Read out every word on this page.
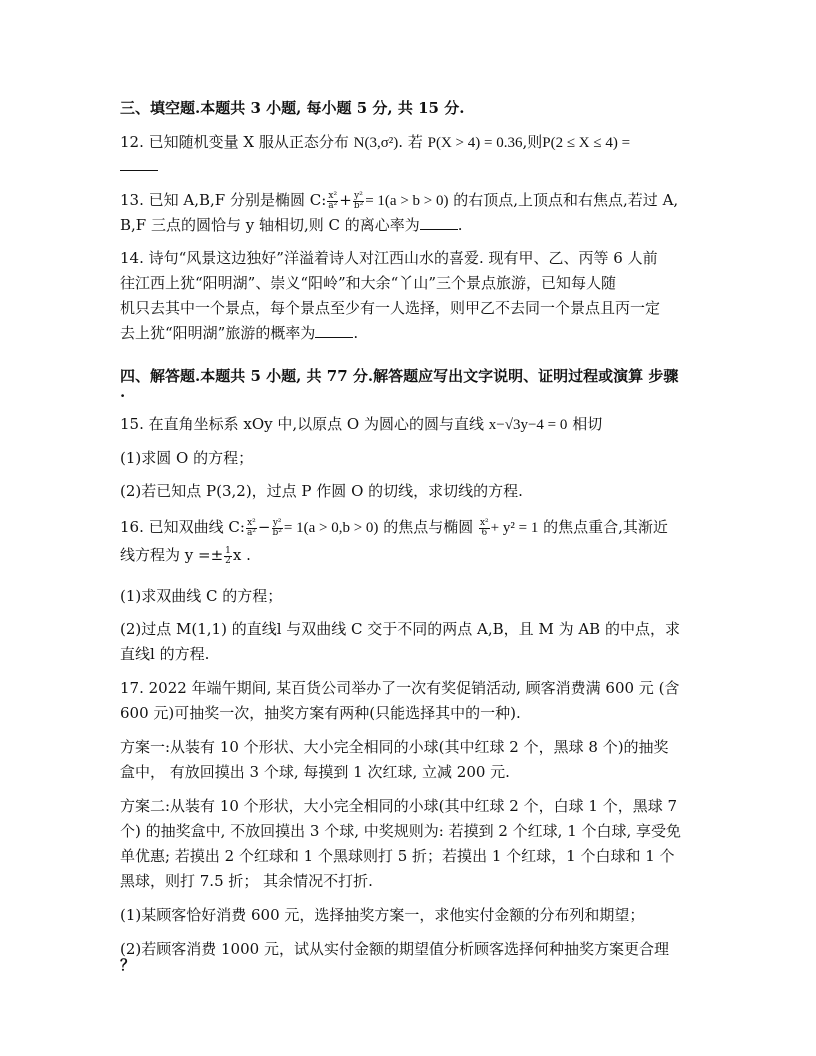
三、填空题.本题共 3 小题, 每小题 5 分, 共 15 分.
12. 已知随机变量 X 服从正态分布 N(3,σ²). 若 P(X > 4) = 0.36,则P(2 ≤ X ≤ 4) =
13. 已知 A,B,F 分别是椭圆 C: $\frac{\text{x²}}{\text{a²}} + \frac{\text{y²}}{\text{b²}} = 1(a > b > 0)$ 的右顶点,上顶点和右焦点,若过 A,
B,F 三点的圆恰与 y 轴相切,则 C 的离心率为	.
14. 诗句“风景这边独好”洋溢着诗人对江西山水的喜爱. 现有甲、乙、丙等 6 人前
往江西上犹“阳明湖”、崇义“阳岭”和大余“丫山”三个景点旅游，已知每人随
机只去其中一个景点，每个景点至少有一人选择，则甲乙不去同一个景点且丙一定
去上犹“阳明湖”旅游的概率为	.
四、解答题.本题共 5 小题, 共 77 分.解答题应写出文字说明、证明过程或演算 步骤
.
15. 在直角坐标系 xOy 中,以原点 O 为圆心的圆与直线 x−√3y−4 = 0 相切
(1)求圆 O 的方程；
(2)若已知点 P(3,2)，过点 P 作圆 O 的切线，求切线的方程.
16. 已知双曲线 C: $\frac{\text{x²}}{\text{a²}} - \frac{\text{y²}}{\text{b²}} = 1(a > 0,b > 0)$ 的焦点与椭圆 $\frac{\text{x²}}{6} + y^2 = 1$ 的焦点重合,其渐近
线方程为 $y =\pm \frac{1}{2}$ x .
(1)求双曲线 C 的方程；
(2)过点 M(1,1) 的直线l 与双曲线 C 交于不同的两点 A,B，且 M 为 AB 的中点，求
直线l 的方程.
17. 2022 年端午期间, 某百货公司举办了一次有奖促销活动, 顾客消费满 600 元 (含
600 元)可抽奖一次，抽奖方案有两种(只能选择其中的一种).
方案一:从装有 10 个形状、大小完全相同的小球(其中红球 2 个，黑球 8 个)的抽奖
盒中， 有放回摸出 3 个球, 每摸到 1 次红球, 立减 200 元.
方案二:从装有 10 个形状，大小完全相同的小球(其中红球 2 个，白球 1 个，黑球 7
个) 的抽奖盒中, 不放回摸出 3 个球, 中奖规则为: 若摸到 2 个红球, 1 个白球, 享受免
单优惠; 若摸出 2 个红球和 1 个黑球则打 5 折；若摸出 1 个红球，1 个白球和 1 个
黑球，则打 7.5 折； 其余情况不打折.
(1)某顾客恰好消费 600 元，选择抽奖方案一，求他实付金额的分布列和期望；
(2)若顾客消费 1000 元，试从实付金额的期望值分析顾客选择何种抽奖方案更合理
？
